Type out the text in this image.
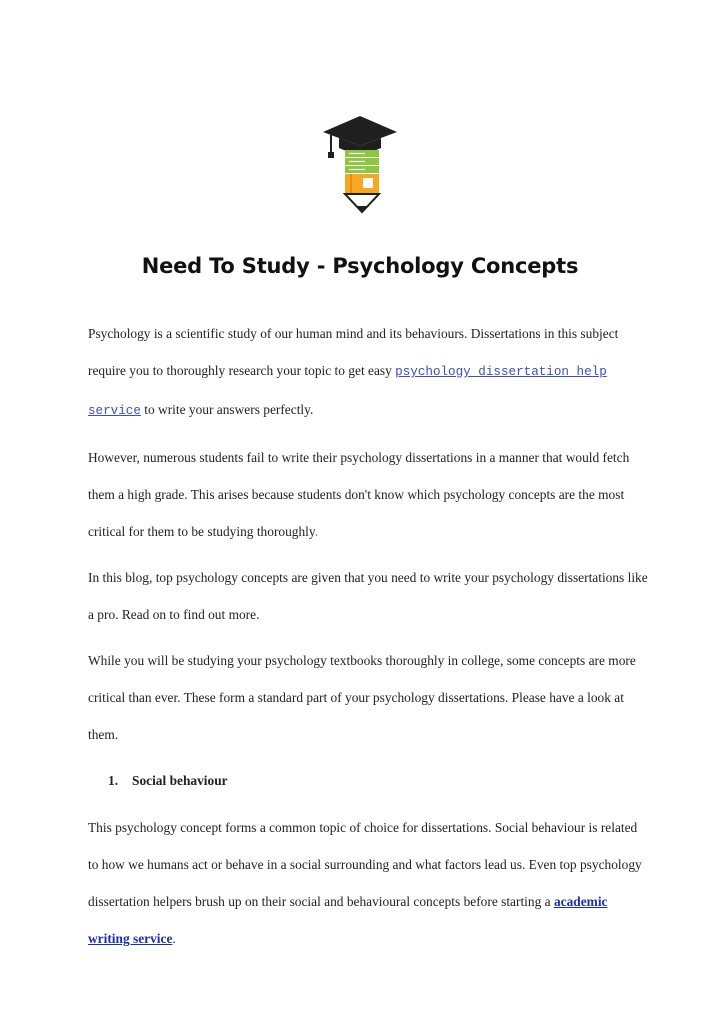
Need To Study - Psychology Concepts

Psychology is a scientific study of our human mind and its behaviours. Dissertations in this subject require you to thoroughly research your topic to get easy psychology dissertation help service to write your answers perfectly.

However, numerous students fail to write their psychology dissertations in a manner that would fetch them a high grade. This arises because students don't know which psychology concepts are the most critical for them to be studying thoroughly.

In this blog, top psychology concepts are given that you need to write your psychology dissertations like a pro. Read on to find out more.

While you will be studying your psychology textbooks thoroughly in college, some concepts are more critical than ever. These form a standard part of your psychology dissertations. Please have a look at them.

1. Social behaviour

This psychology concept forms a common topic of choice for dissertations. Social behaviour is related to how we humans act or behave in a social surrounding and what factors lead us. Even top psychology dissertation helpers brush up on their social and behavioural concepts before starting a academic writing service.
